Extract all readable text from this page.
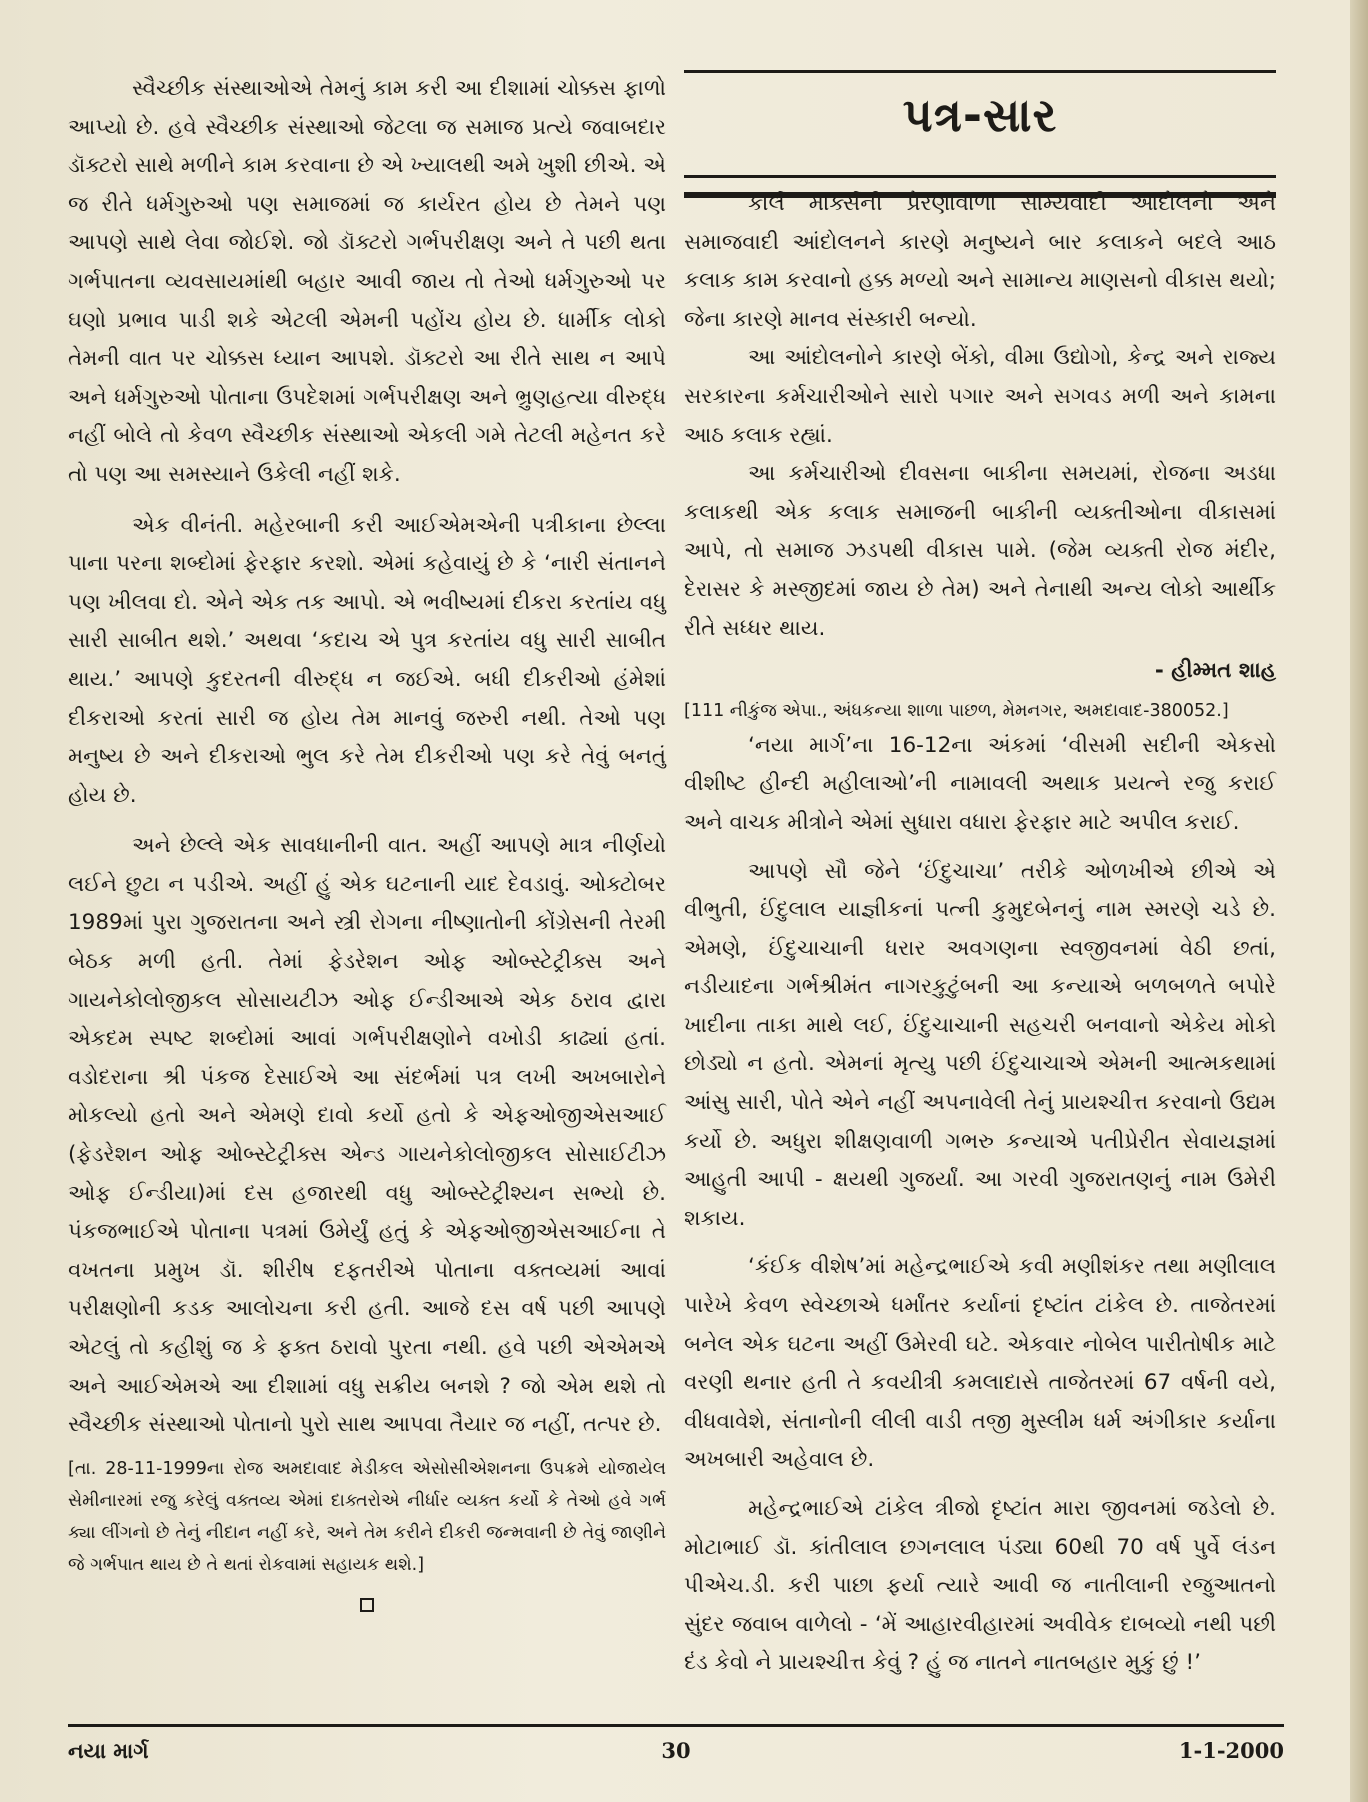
સ્વૈચ્છીક સંસ્થાઓએ તેમનું કામ કરી આ દીશામાં ચોક્કસ ફાળો આપ્યો છે. હવે સ્વૈચ્છીક સંસ્થાઓ જેટલા જ સમાજ પ્રત્યે જવાબદાર ડૉક્ટરો સાથે મળીને કામ કરવાના છે એ ખ્યાલથી અમે ખુશી છીએ. એ જ રીતે ધર્મગુરુઓ પણ સમાજમાં જ કાર્યરત હોય છે તેમને પણ આપણે સાથે લેવા જોઈશે. જો ડૉક્ટરો ગર્ભપરીક્ષણ અને તે પછી થતા ગર્ભપાતના વ્યવસાયમાંથી બહાર આવી જાય તો તેઓ ધર્મગુરુઓ પર ઘણો પ્રભાવ પાડી શકે એટલી એમની પહોંચ હોય છે. ધાર્મીક લોકો તેમની વાત પર ચોક્કસ ધ્યાન આપશે. ડૉક્ટરો આ રીતે સાથ ન આપે અને ધર્મગુરુઓ પોતાના ઉપદેશમાં ગર્ભપરીક્ષણ અને ભ્રુણહત્યા વીરુદ્ધ નહીં બોલે તો કેવળ સ્વૈચ્છીક સંસ્થાઓ એકલી ગમે તેટલી મહેનત કરે તો પણ આ સમસ્યાને ઉકેલી નહીં શકે.

એક વીનંતી. મહેરબાની કરી આઈએમએની પત્રીકાના છેલ્લા પાના પરના શબ્દોમાં ફેરફાર કરશો. એમાં કહેવાયું છે કે ‘નારી સંતાનને પણ ખીલવા દો. એને એક તક આપો. એ ભવીષ્યમાં દીકરા કરતાંય વધુ સારી સાબીત થશે.’ અથવા ‘કદાચ એ પુત્ર કરતાંય વધુ સારી સાબીત થાય.’ આપણે કુદરતની વીરુદ્ધ ન જઈએ. બધી દીકરીઓ હંમેશાં દીકરાઓ કરતાં સારી જ હોય તેમ માનવું જરુરી નથી. તેઓ પણ મનુષ્ય છે અને દીકરાઓ ભુલ કરે તેમ દીકરીઓ પણ કરે તેવું બનતું હોય છે.

અને છેલ્લે એક સાવધાનીની વાત. અહીં આપણે માત્ર નીર્ણયો લઈને છુટા ન પડીએ. અહીં હું એક ઘટનાની યાદ દેવડાવું. ઓક્ટોબર 1989માં પુરા ગુજરાતના અને સ્ત્રી રોગના નીષ્ણાતોની કોંગ્રેસની તેરમી બેઠક મળી હતી. તેમાં ફેડરેશન ઓફ ઓબ્સ્ટેટ્રીક્સ અને ગાયનેકોલોજીકલ સોસાયટીઝ ઓફ ઈન્ડીઆએ એક ઠરાવ દ્વારા એકદમ સ્પષ્ટ શબ્દોમાં આવાં ગર્ભપરીક્ષણોને વખોડી કાઢ્યાં હતાં. વડોદરાના શ્રી પંકજ દેસાઈએ આ સંદર્ભમાં પત્ર લખી અખબારોને મોકલ્યો હતો અને એમણે દાવો કર્યો હતો કે એફઓજીએસઆઈ (ફેડરેશન ઓફ ઓબ્સ્ટેટ્રીક્સ એન્ડ ગાયનેકોલોજીકલ સોસાઈટીઝ ઓફ ઈન્ડીયા)માં દસ હજારથી વધુ ઓબ્સ્ટેટ્રીશ્યન સભ્યો છે. પંકજભાઈએ પોતાના પત્રમાં ઉમેર્યું હતું કે એફઓજીએસઆઈના તે વખતના પ્રમુખ ડૉ. શીરીષ દફતરીએ પોતાના વક્તવ્યમાં આવાં પરીક્ષણોની કડક આલોચના કરી હતી. આજે દસ વર્ષ પછી આપણે એટલું તો કહીશું જ કે ફક્ત ઠરાવો પુરતા નથી. હવે પછી એએમએ અને આઈએમએ આ દીશામાં વધુ સક્રીય બનશે ? જો એમ થશે તો સ્વૈચ્છીક સંસ્થાઓ પોતાનો પુરો સાથ આપવા તૈયાર જ નહીં, તત્પર છે.

[તા. 28-11-1999ના રોજ અમદાવાદ મેડીકલ એસોસીએશનના ઉપક્રમે યોજાયેલ સેમીનારમાં રજુ કરેલું વક્તવ્ય એમાં દાક્તરોએ નીર્ધાર વ્યક્ત કર્યો કે તેઓ હવે ગર્ભ ક્યા લીંગનો છે તેનું નીદાન નહીં કરે, અને તેમ કરીને દીકરી જન્મવાની છે તેવું જાણીને જે ગર્ભપાત થાય છે તે થતાં રોકવામાં સહાયક થશે.]

પત્ર-સાર

કાર્લ માર્ક્સની પ્રેરણાવાળા સામ્યવાદી આંદોલનો અને સમાજવાદી આંદોલનને કારણે મનુષ્યને બાર કલાકને બદલે આઠ કલાક કામ કરવાનો હક્ક મળ્યો અને સામાન્ય માણસનો વીકાસ થયો; જેના કારણે માનવ સંસ્કારી બન્યો.

આ આંદોલનોને કારણે બેંકો, વીમા ઉદ્યોગો, કેન્દ્ર અને રાજ્ય સરકારના કર્મચારીઓને સારો પગાર અને સગવડ મળી અને કામના આઠ કલાક રહ્યાં.

આ કર્મચારીઓ દીવસના બાકીના સમયમાં, રોજના અડધા કલાકથી એક કલાક સમાજની બાકીની વ્યક્તીઓના વીકાસમાં આપે, તો સમાજ ઝડપથી વીકાસ પામે. (જેમ વ્યક્તી રોજ મંદીર, દેરાસર કે મસ્જીદમાં જાય છે તેમ) અને તેનાથી અન્ય લોકો આર્થીક રીતે સધ્ધર થાય.

- હીમ્મત શાહ

[111 નીકુંજ એપા., અંધકન્યા શાળા પાછળ, મેમનગર, અમદાવાદ-380052.]

‘નયા માર્ગ’ના 16-12ના અંકમાં ‘વીસમી સદીની એકસો વીશીષ્ટ હીન્દી મહીલાઓ’ની નામાવલી અથાક પ્રયત્ને રજુ કરાઈ અને વાચક મીત્રોને એમાં સુધારા વધારા ફેરફાર માટે અપીલ કરાઈ.

આપણે સૌ જેને ‘ઈંદુચાચા’ તરીકે ઓળખીએ છીએ એ વીભુતી, ઈંદુલાલ યાજ્ઞીકનાં પત્ની કુમુદબેનનું નામ સ્મરણે ચડે છે. એમણે, ઈંદુચાચાની ધરાર અવગણના સ્વજીવનમાં વેઠી છતાં, નડીયાદના ગર્ભશ્રીમંત નાગરકુટુંબની આ કન્યાએ બળબળતે બપોરે ખાદીના તાકા માથે લઈ, ઈંદુચાચાની સહચરી બનવાનો એકેય મોકો છોડ્યો ન હતો. એમનાં મૃત્યુ પછી ઈંદુચાચાએ એમની આત્મકથામાં આંસુ સારી, પોતે એને નહીં અપનાવેલી તેનું પ્રાયશ્ચીત્ત કરવાનો ઉદ્યમ કર્યો છે. અધુરા શીક્ષણવાળી ગભરુ કન્યાએ પતીપ્રેરીત સેવાયજ્ઞમાં આહુતી આપી - ક્ષયથી ગુજર્યાં. આ ગરવી ગુજરાતણનું નામ ઉમેરી શકાય.

‘કંઈક વીશેષ’માં મહેન્દ્રભાઈએ કવી મણીશંકર તથા મણીલાલ પારેખે કેવળ સ્વેચ્છાએ ધર્માંતર કર્યાનાં દૃષ્ટાંત ટાંકેલ છે. તાજેતરમાં બનેલ એક ઘટના અહીં ઉમેરવી ઘટે. એકવાર નોબેલ પારીતોષીક માટે વરણી થનાર હતી તે કવયીત્રી કમલાદાસે તાજેતરમાં 67 વર્ષની વયે, વીધવાવેશે, સંતાનોની લીલી વાડી તજી મુસ્લીમ ધર્મ અંગીકાર કર્યાના અખબારી અહેવાલ છે.

મહેન્દ્રભાઈએ ટાંકેલ ત્રીજો દૃષ્ટાંત મારા જીવનમાં જડેલો છે. મોટાભાઈ ડૉ. કાંતીલાલ છગનલાલ પંડ્યા 60થી 70 વર્ષ પુર્વે લંડન પીએચ.ડી. કરી પાછા ફર્યા ત્યારે આવી જ નાતીલાની રજુઆતનો સુંદર જવાબ વાળેલો - ‘મેં આહારવીહારમાં અવીવેક દાબવ્યો નથી પછી દંડ કેવો ને પ્રાયશ્ચીત્ત કેવું ? હું જ નાતને નાતબહાર મુકું છું !’

નયા માર્ગ	30	1-1-2000
